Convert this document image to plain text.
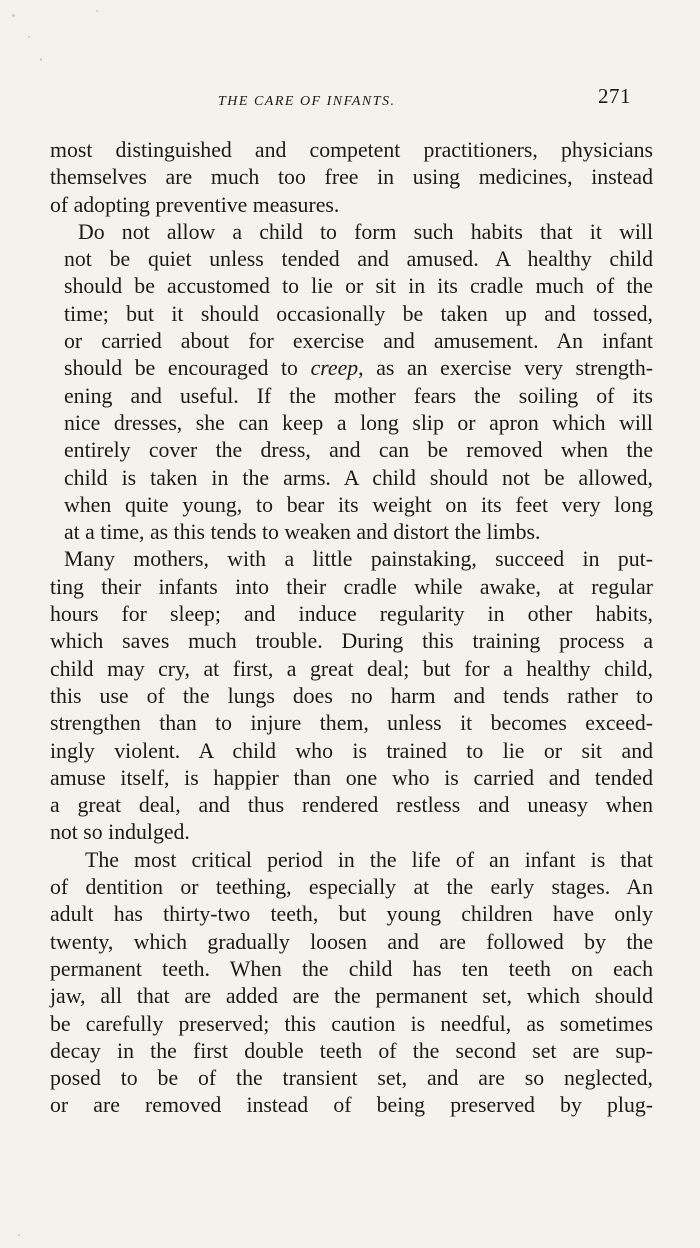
THE CARE OF INFANTS.	271

most distinguished and competent practitioners, physicians
themselves are much too free in using medicines, instead
of adopting preventive measures.

Do not allow a child to form such habits that it will
not be quiet unless tended and amused. A healthy child
should be accustomed to lie or sit in its cradle much of the
time; but it should occasionally be taken up and tossed,
or carried about for exercise and amusement. An infant
should be encouraged to creep, as an exercise very strength-
ening and useful. If the mother fears the soiling of its
nice dresses, she can keep a long slip or apron which will
entirely cover the dress, and can be removed when the
child is taken in the arms. A child should not be allowed,
when quite young, to bear its weight on its feet very long
at a time, as this tends to weaken and distort the limbs.

Many mothers, with a little painstaking, succeed in put-
ting their infants into their cradle while awake, at regular
hours for sleep; and induce regularity in other habits,
which saves much trouble. During this training process a
child may cry, at first, a great deal; but for a healthy child,
this use of the lungs does no harm and tends rather to
strengthen than to injure them, unless it becomes exceed-
ingly violent. A child who is trained to lie or sit and
amuse itself, is happier than one who is carried and tended
a great deal, and thus rendered restless and uneasy when
not so indulged.

The most critical period in the life of an infant is that
of dentition or teething, especially at the early stages. An
adult has thirty-two teeth, but young children have only
twenty, which gradually loosen and are followed by the
permanent teeth. When the child has ten teeth on each
jaw, all that are added are the permanent set, which should
be carefully preserved; this caution is needful, as sometimes
decay in the first double teeth of the second set are sup-
posed to be of the transient set, and are so neglected,
or are removed instead of being preserved by plug-
